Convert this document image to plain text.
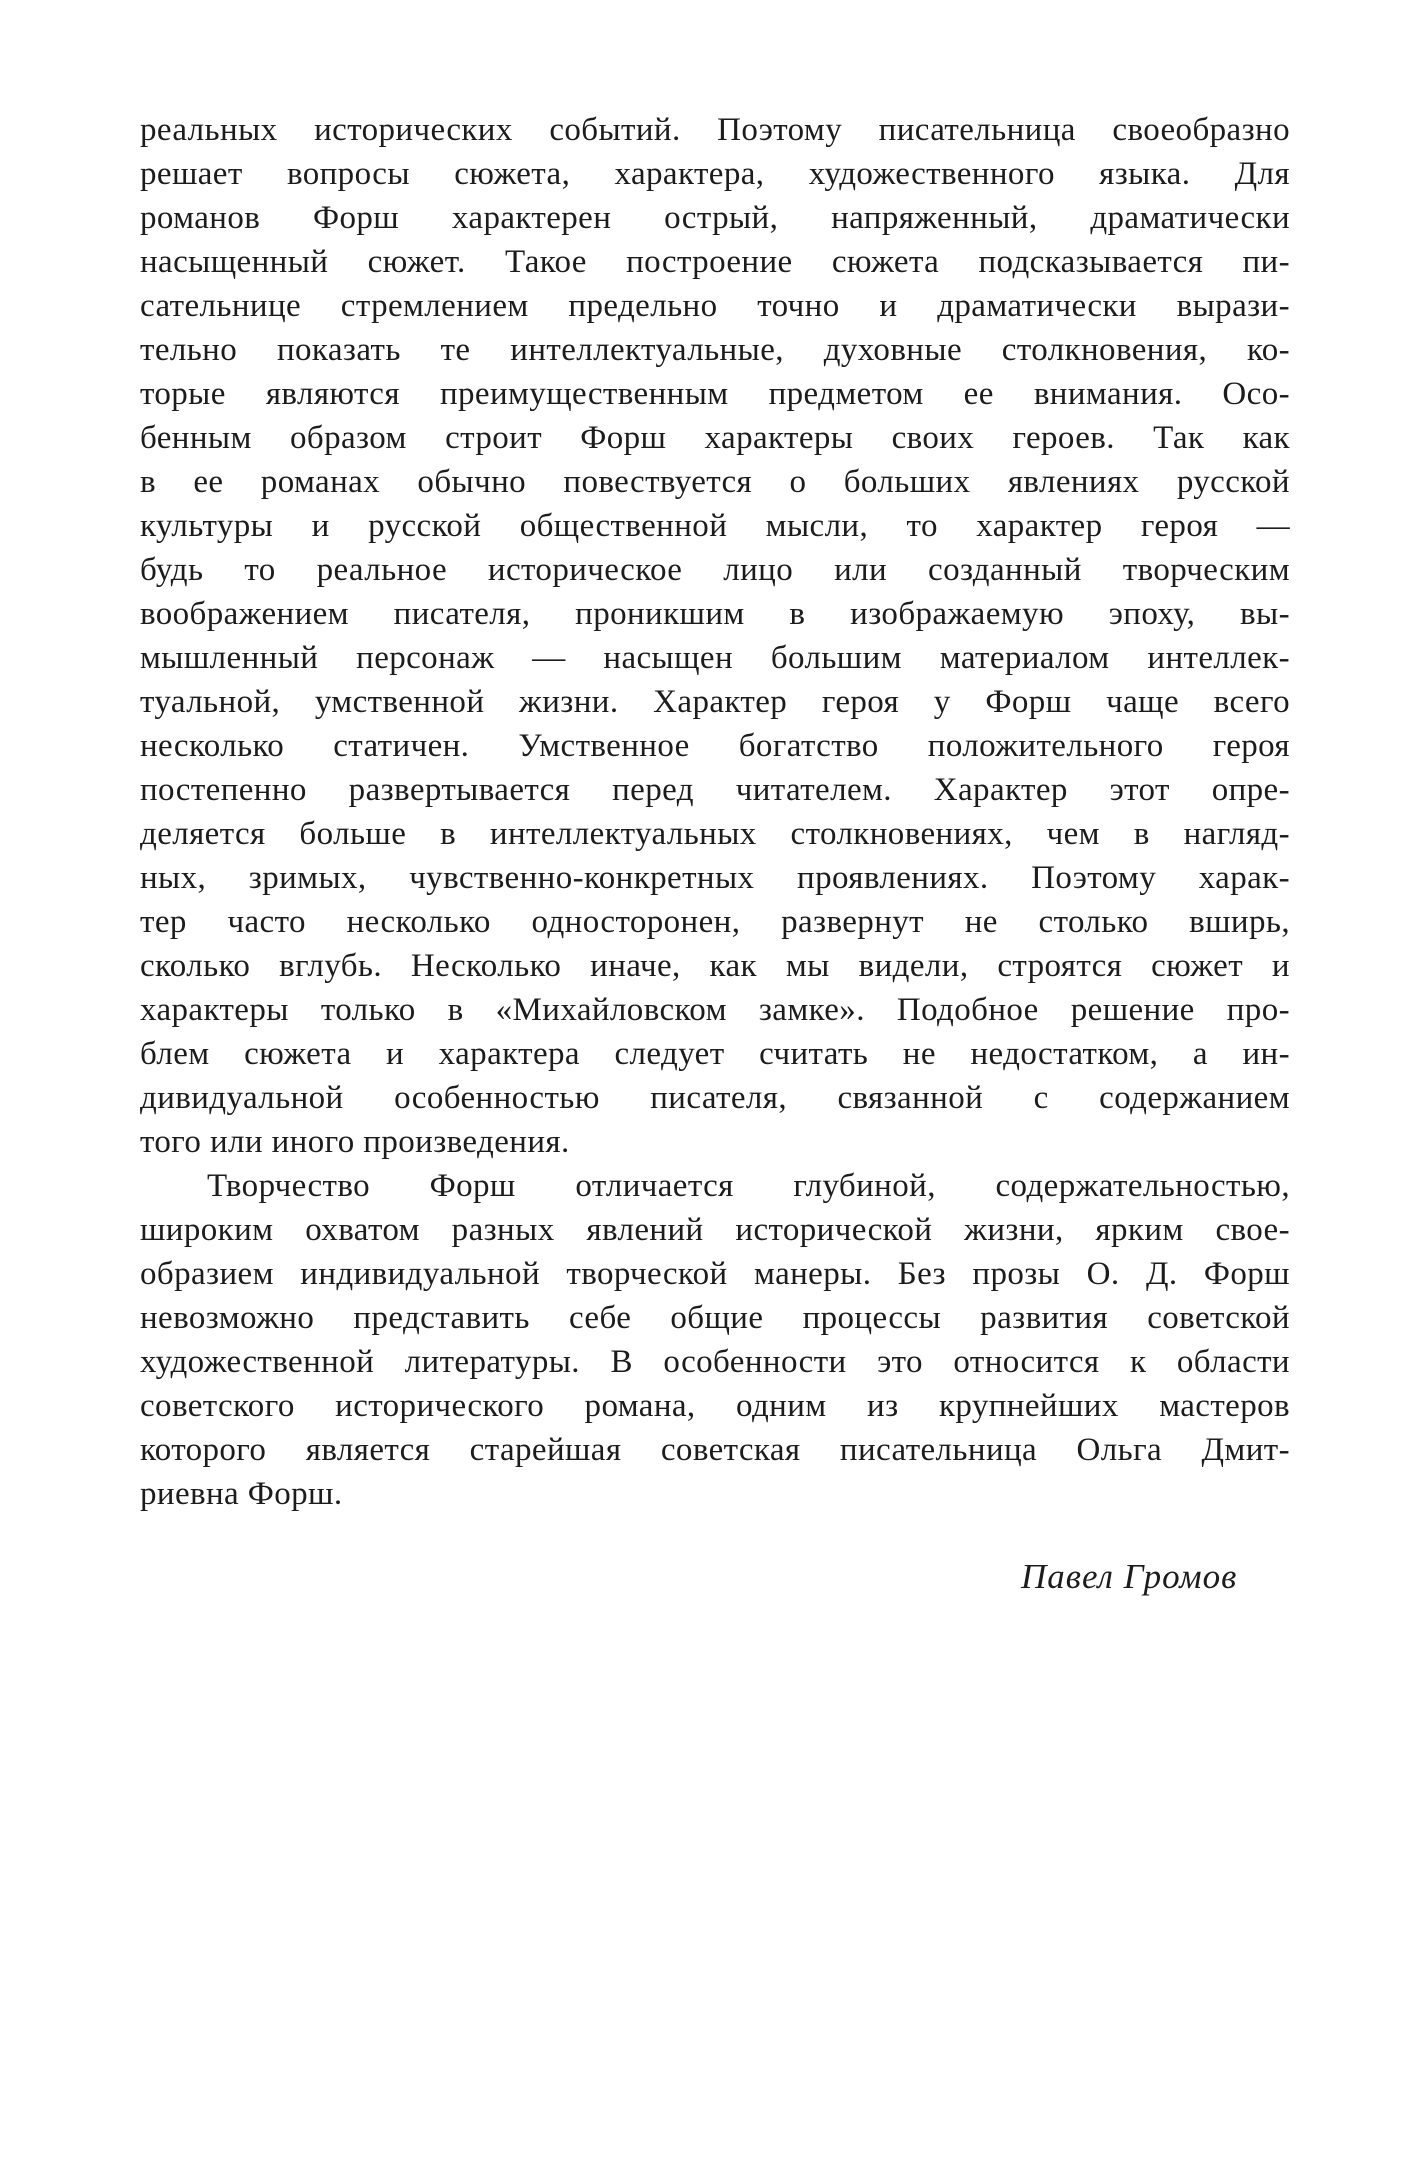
реальных исторических событий. Поэтому писательница своеобразно
решает вопросы сюжета, характера, художественного языка. Для
романов Форш характерен острый, напряженный, драматически
насыщенный сюжет. Такое построение сюжета подсказывается пи-
сательнице стремлением предельно точно и драматически вырази-
тельно показать те интеллектуальные, духовные столкновения, ко-
торые являются преимущественным предметом ее внимания. Осо-
бенным образом строит Форш характеры своих героев. Так как
в ее романах обычно повествуется о больших явлениях русской
культуры и русской общественной мысли, то характер героя —
будь то реальное историческое лицо или созданный творческим
воображением писателя, проникшим в изображаемую эпоху, вы-
мышленный персонаж — насыщен большим материалом интеллек-
туальной, умственной жизни. Характер героя у Форш чаще всего
несколько статичен. Умственное богатство положительного героя
постепенно развертывается перед читателем. Характер этот опре-
деляется больше в интеллектуальных столкновениях, чем в нагляд-
ных, зримых, чувственно-конкретных проявлениях. Поэтому харак-
тер часто несколько односторонен, развернут не столько вширь,
сколько вглубь. Несколько иначе, как мы видели, строятся сюжет и
характеры только в «Михайловском замке». Подобное решение про-
блем сюжета и характера следует считать не недостатком, а ин-
дивидуальной особенностью писателя, связанной с содержанием
того или иного произведения.
Творчество Форш отличается глубиной, содержательностью,
широким охватом разных явлений исторической жизни, ярким свое-
образием индивидуальной творческой манеры. Без прозы О. Д. Форш
невозможно представить себе общие процессы развития советской
художественной литературы. В особенности это относится к области
советского исторического романа, одним из крупнейших мастеров
которого является старейшая советская писательница Ольга Дмит-
риевна Форш.
Павел Громов
